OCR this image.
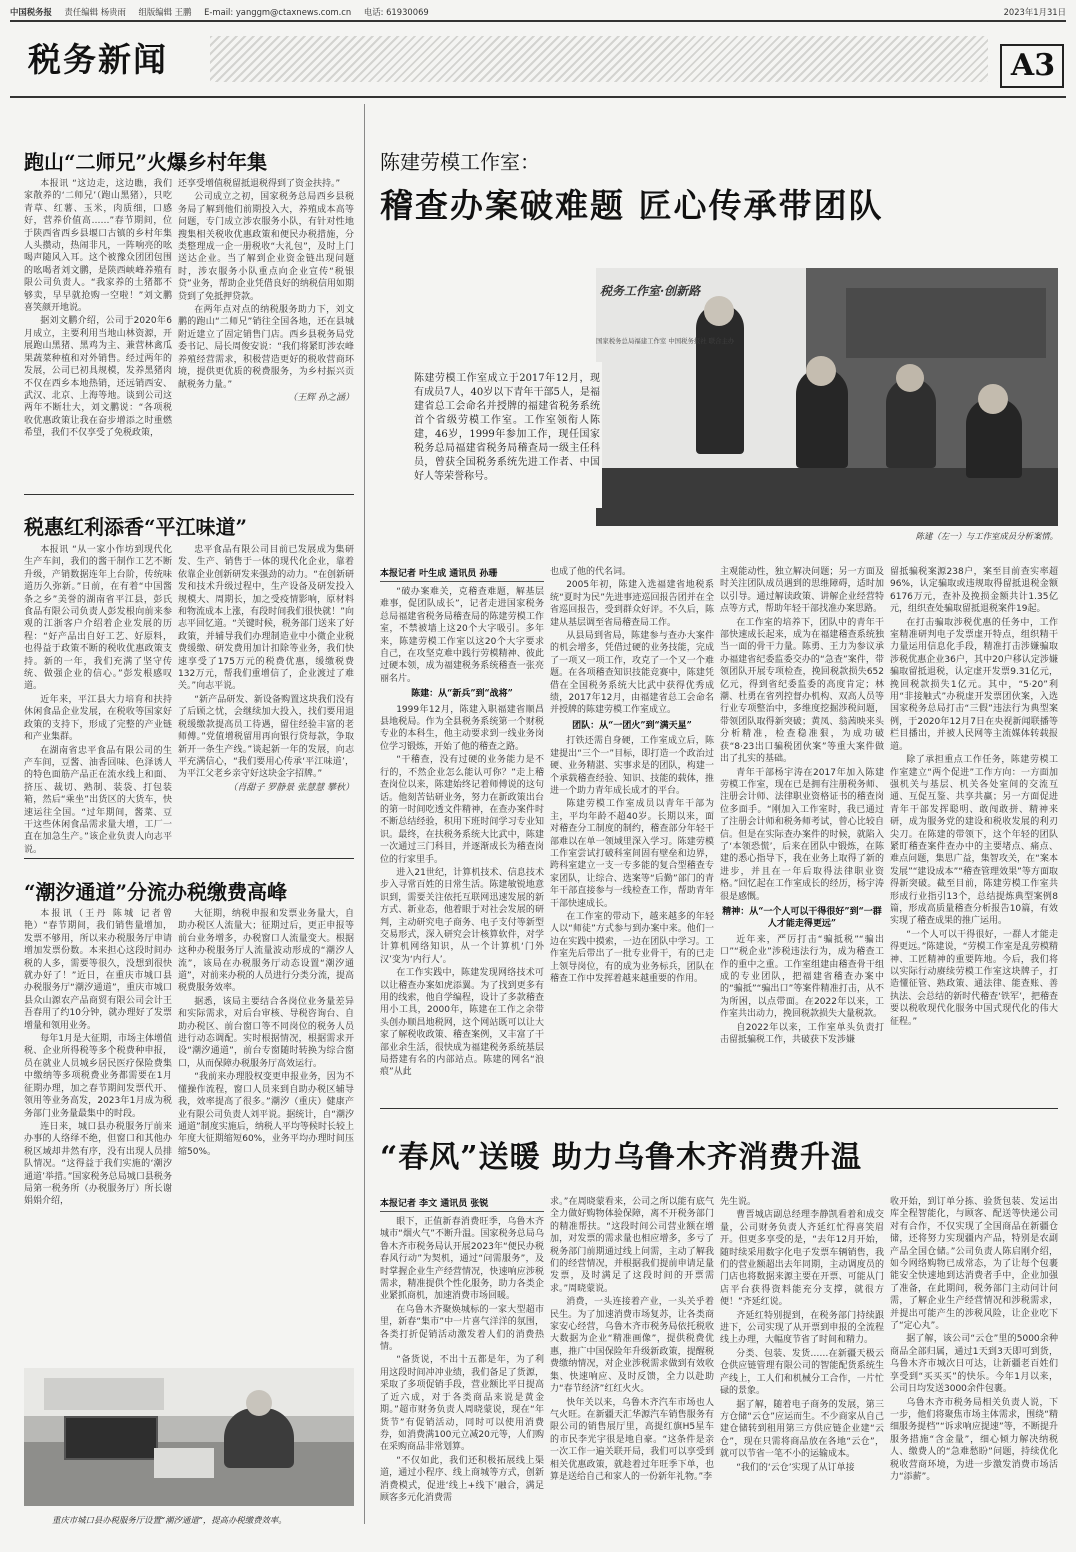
中国税务报 责任编辑 杨贵雨 组版编辑 王鹏 E-mail: yanggm@ctaxnews.com.cn 电话: 61930069	2023年1月31日
税务新闻	A3
跑山“二师兄”火爆乡村年集

本报讯 “这边走，这边瞧，我们家散养的‘二师兄’（跑山黑猪），只吃青草、红薯、玉米，肉质细，口感好，营养价值高……”春节期间，位于陕西省西乡县堰口古镇的乡村年集人头攒动，热闹非凡，一阵响亮的吆喝声随风入耳。这个被豫众团团包围的吆喝者刘文鹏，是陕西峡峰养殖有限公司负责人。“我家养的土猪都不够卖，早早就抢购一空啦！”刘文鹏喜笑颜开地说。

据刘文鹏介绍，公司于2020年6月成立，主要利用当地山林资源，开展跑山黑猪、黑鸡为主、兼营林禽瓜果蔬菜种植和对外销售。经过两年的发展，公司已初具规模，发养黑猪肉不仅在西乡本地热销，还远销西安、武汉、北京、上海等地。谈到公司这两年不断壮大，刘文鹏说：“各项税收优惠政策让我在奋步增添之时重燃希望，我们不仅享受了免税政策，

还享受增值税留抵退税得到了资金扶持。”

公司成立之初，国家税务总局西乡县税务局了解到他们前期投入大，养殖成本高等问题，专门成立涉农服务小队，有针对性地搜集相关税收优惠政策和便民办税措施，分类整理成一企一册税收“大礼包”，及时上门送达企业。当了解到企业资金链出现问题时，涉农服务小队重点向企业宣传“税银贷”业务，帮助企业凭借良好的纳税信用如期贷到了免抵押贷款。

在两年点对点的纳税服务助力下，刘文鹏的跑山“二师兄”销往全国各地，还在县城附近建立了固定销售门店。西乡县税务局党委书记、局长周俊安说：“我们将紧盯涉农峰养殖经营需求，积极营造更好的税收营商环境，提供更优质的税费服务，为乡村振兴贡献税务力量。”

（王辉 孙之涵）

税惠红利添香“平江味道”

本报讯 “从一家小作坊到现代化生产车间，我们的酱干制作工艺不断升级，产销数据连年上台阶，传统味道历久弥新。”日前，在有着“中国酱条之乡”美誉的湖南省平江县，彭氏食品有限公司负责人彭发根向前来参观的江浙客户介绍着企业发展的历程：“好产品出自好工艺、好原料，也得益于政策不断的税收优惠政策支持。新的一年，我们充满了坚守传统、做强企业的信心。”彭发根感叹道。

近年来，平江县大力培育和扶持休闲食品企业发展，在税收等国家好政策的支持下，形成了完整的产业链和产业集群。

在湖南省忠平食品有限公司的生产车间，豆酱、油香回味、色泽诱人的特色面筋产品正在流水线上和面、挤压、裁切、熟制、装袋、打包装箱，然后“乘坐”出货区的大货车，快速运往全国。“过年期间，酱菜、豆干这些休闲食品需求量大增，工厂一直在加急生产。”该企业负责人向志平说。

忠平食品有限公司目前已发展成为集研发、生产、销售于一体的现代化企业，靠着依靠企业创新研发来强劲的动力。“在创新研发和技术升级过程中，生产设备及研发投入规模大、周期长，加之受疫情影响，原材料和物流成本上涨，有段时间我们很快就！”向志平回忆道。“关键时候，税务部门送来了好政策，并辅导我们办理制造业中小微企业税费缓缴、研发费用加计扣除等业务，我们快速享受了175万元的税费优惠，缓缴税费132万元，帮我们重增信了，企业渡过了难关。”向志平说。

“新产品研发、新设备购置这块我们没有了后顾之忧，会继续加大投入，找们要用退税缓缴款提高员工待遇，留住经验丰富的老师傅。”党值增税留用再向银行贷每款，争取新开一条生产线。”谈起新一年的发展，向志平充满信心，“我们要用心传承‘平江味道’，为平江父老乡亲守好这块金字招牌。”

（肖甜子 罗静景 张慧慧 攀秋）

“潮汐通道”分流办税缴费高峰

本报讯（王丹 陈城 记者曾艳）“春节期间，我们销售量增加，发票不够用，所以来办税服务厅申请增加发票份数。本来担心这段时间办税的人多，需要等很久，没想到很快就办好了！”近日，在重庆市城口县办税服务厅“潮汐通道”，重庆市城口县众山源农产品商贸有限公司会计王吾春用了约10分钟，就办理好了发票增量和领用业务。

每年1月是大征期，市场主体增值税、企业所得税等多个税费种申报，员在就业人员城乡居民医疗保险费集中缴纳等多项税费业务都需要在1月征期办理，加之春节期间发票代开、领用等业务高发，2023年1月成为税务部门业务量最集中的时段。

连日来，城口县办税服务厅前来办事的人络绎不绝，但窗口和其他办税区域却井然有序，没有出现人员排队情况。“这得益于我们实施的‘潮汐通道’举措。”国家税务总局城口县税务局第一税务所（办税服务厅）所长谢娟娟介绍，

大征期，纳税申报和发票业务量大，自助办税区人流量大；征期过后，更正申报等前台业务增多，办税窗口人流量变大。根据这种办税服务厅人流量波动形成的“潮汐人流”，该局在办税服务厅动态设置“潮汐通道”，对前来办税的人员进行分类分流，提高税费服务效率。

据悉，该局主要结合各岗位业务量差异和实际需求，对后台审核、导税咨询台、自助办税区、前台窗口等不同岗位的税务人员进行动态调配。实时根据情况，根据需求开设“潮汐通道”，前台专窗随时转换为综合窗口，从而保障办税服务厅高效运行。

“我前来办理股权变更申报业务，因为不懂操作流程，窗口人员来到自助办税区辅导我，效率提高了很多。”潮汐（重庆）健康产业有限公司负责人刘平说。据统计，自“潮汐通道”制度实施后，纳税人平均等候时长较上年度大征期缩短60%，业务平均办理时间压缩50%。

重庆市城口县办税服务厅设置“潮汐通道”，提高办税缴费效率。
陈建劳模工作室：
稽查办案破难题 匠心传承带团队
税务工作室·创新路
国家税务总局福建工作室 中国税务报社 联合主办
陈建劳模工作室成立于2017年12月，现有成员7人，40岁以下青年干部5人，是福建省总工会命名并授牌的福建省税务系统首个省级劳模工作室。工作室领衔人陈建，46岁，1999年参加工作，现任国家税务总局福建省税务局稽查局一级主任科员，曾获全国税务系统先进工作者、中国好人等荣誉称号。
陈建（左一）与工作室成员分析案情。
本报记者 叶生成 通讯员 孙珊

“破办案难关，克稽查难题，解基层难事，促团队成长”，记者走进国家税务总局福建省税务局稽查局的陈建劳模工作室，不禁被墙上这20个大字吸引。多年来，陈建劳模工作室以这20个大字要求自己，在攻坚克难中践行劳模精神、彼此过硬本领，成为福建税务系统稽查一张亮丽名片。

陈建：从“新兵”到“战将”

1999年12月，陈建入职福建省顺昌县地税局。作为全县税务系统第一个财税专业的本科生，他主动要求到一线业务岗位学习锻炼，开始了他的稽查之路。

“干稽查，没有过硬的业务能力是不行的，不然企业怎么能认可你？”走上稽查岗位以来，陈建始终记着师傅说的这句话。他刻苦钻研业务，努力在新政策出台的第一时间吃透文件精神，在查办案件时不断总结经验，积用下班时间学习专业知识。最终，在扶税务系统大比武中，陈建一次通过三门科目，并逐渐成长为稽查岗位的行家里手。

进入21世纪，计算机技术、信息技术步入寻常百姓的日常生活。陈建敏锐地意识到，需要关注依托互联网迅速发展的新方式、新业态，他着眼于对社会发展的研判，主动研究电子商务、电子支付等新型交易形式，深入研究会计核算软件，对学计算机网络知识，从一个计算机‘门外汉’变为‘内行人’。

在工作实践中，陈建发现网络技术可以让稽查办案如虎添翼。为了找到更多有用的线索，他自学编程，设计了多款稽查用小工具，2000年，陈建在工作之余带头创办顺昌地税网，这个网站既可以让大家了解税收政策、稽查案例，又丰富了干部业余生活，很快成为福建税务系统基层局搭建有名的内部站点。陈建的网名“浪痕”从此

也成了他的代名词。

2005年初，陈建入选福建省地税系统“夏时为民”先进事迹巡回报告团并在全省巡回报告，受到群众好评。不久后，陈建从基层调至省局稽查局工作。

从县局到省局，陈建参与查办大案件的机会增多，凭借过硬的业务技能，完成了一项又一项工作，攻克了一个又一个难题。在各项稽查知识技能竞赛中，陈建凭借在全国税务系统大比武中获得优秀成绩，2017年12月，由福建省总工会命名并授牌的陈建劳模工作室成立。

团队：从“一团火”到“满天星”

打铁还需自身硬，工作室成立后，陈建提出“三个一”目标，即打造一个政治过硬、业务精湛、实事求是的团队，构建一个承载稽查经验、知识、技能的载体，推进一个助力青年成长成才的平台。

陈建劳模工作室成员以青年干部为主，平均年龄不超40岁。长期以来，面对稽查分工制度的制约，稽查部分年轻干部难以在单一领域里深入学习。陈建劳模工作室尝试打破科室间固有壁垒和边界，跨科室建立一支一专多能的复合型稽查专家团队，让综合、选案等“后勤”部门的青年干部直接参与一线检查工作，帮助青年干部快速成长。

在工作室的带动下，越来越多的年轻人以“师徒”方式参与到办案中来。他们一边在实践中摸索，一边在团队中学习。工作室先后带出了一批专业骨干，有的已走上领导岗位，有的成为业务标兵，团队在稽查工作中发挥着越来越重要的作用。

主观能动性，独立解决问题；另一方面及时关注团队成员遇到的思维障碍，适时加以引导。通过解读政策、讲解企业经营特点等方式，帮助年轻干部找准办案思路。

在工作室的培养下，团队中的青年干部快速成长起来，成为在福建稽查系统独当一面的骨干力量。陈勇、王力为参议承办福建省纪委监委交办的“急查”案件，带领团队开展专项检查，挽回税款损失652亿元，得到省纪委监委的高度肯定；林潮、杜勇在省列控督办机构、双高人员等行业专项整治中，多维度挖掘涉税问题，带领团队取得新突破；黄凤、翁茜映来头分析精准，检查稳准狠，为成功破获“8·23出口骗税团伙案”等重大案件做出了扎实的基础。

青年干部杨宇涛在2017年加入陈建劳模工作室，现在已是拥有注册税务师、注册会计师、法律职业资格证书的稽查岗位多面手。“刚加入工作室时，我已通过了注册会计师和税务师考试，曾心比较自信。但是在实际查办案件的时候，就陷入了‘本领恐慌’，后来在团队中锻炼，在陈建的悉心指导下，我在业务上取得了新的进步，并且在一年后取得法律职业资格。”回忆起在工作室成长的经历，杨宇涛很是感慨。

精神：从“一个人可以干得很好”到“一群人才能走得更远”

近年来，严厉打击“骗抵税”“骗出口”“税企业”涉税违法行为，成为稽查工作的重中之重。工作室组建由稽查骨干组成的专业团队，把福建省稽查办案中的“骗抵”“骗出口”等案件精准打击，从不为所困，以点带面。在2022年以来，工作室共出动力，挽回税款损失大量税款。

自2022年以来，工作室单头负责打击留抵骗税工作，共破获下发涉嫌

留抵骗税案源238户，案至目前查实率超96%，认定骗取或违规取得留抵退税金额6176万元，查补及挽损金额共计1.35亿元，组织查处骗取留抵退税案件19起。

在打击骗取涉税优惠的任务中，工作室精准研判电子发票虚开特点，组织精干力量运用信息化手段，精准打击涉嫌骗取涉税优惠企业36户，其中20户移认定涉嫌骗取留抵退税，认定虚开发票9.31亿元，挽回税款损失1亿元。其中，“5·20”利用“非接触式”办税虚开发票团伙案，入选国家税务总局打击“三假”违法行为典型案例，于2020年12月7日在央视新闻联播等栏目播出，并被人民网等主流媒体转载报道。

除了承担重点工作任务，陈建劳模工作室建立“两个促进”工作方向：一方面加强机关与基层、机关各处室间的交流互通、互促互鉴、共享共赢；另一方面促进青年干部发挥聪明、敢闯敢拼、精神来研，成为服务党的建设和税收发展的利刃尖刀。在陈建的带领下，这个年轻的团队紧盯稽查案件查办中的主要堵点、痛点、难点问题，集思广益，集智攻关，在“案本发展”“建设成本”“稽查管理效果”等方面取得新突破。截至目前，陈建劳模工作室共形成行业指引13个，总结提炼典型案例8篇，形成高质量稽查分析报告10篇，有效实现了稽查成果的推广运用。

“一个人可以干得很好，一群人才能走得更远。”陈建说，“劳模工作室是乱劳模精神、工匠精神的重要阵地。今后，我们将以实际行动赓续劳模工作室这块牌子，打造懂征管、熟政策、通法律、能查账、善执法、会总结的新时代稽查‘铁军’，把稽查要以税收现代化服务中国式现代化的伟大征程。”

“春风”送暖 助力乌鲁木齐消费升温
本报记者 李文 通讯员 张锐

眼下，正值新春消费旺季，乌鲁木齐城市“烟火气”不断升温。国家税务总局乌鲁木齐市税务局认开展2023年“便民办税春风行动”为契机，通过“问需服务”，及时掌握企业生产经营情况，快速响应涉税需求，精准提供个性化服务，助力各类企业紧抓商机，加速消费市场回暖。

在乌鲁木齐聚焕城标的一家大型超市里，新春“集市”中一片喜气洋洋的氛围，各类打折促销活动激发着人们的消费热情。

“备货说，不出十五都是年，为了利用这段时间冲冲业绩，我们备足了货源，采取了多项促销手段，营业额比平日提高了近六成，对于各类商品来说是黄金期。”超市财务负责人周晓蒙说，现在“年货节”有促销活动，同时可以使用消费券，如消费满100元立减20元等，人们购在采购商品非常划算。

“不仅如此，我们还积极拓展线上渠道，通过小程序、线上商城等方式，创新消费模式，促进‘线上+线下’融合，满足顾客多元化消费需

求。”在周晓蒙看来，公司之所以能有底气全力做好购物体验保障，离不开税务部门的精准帮扶。“这段时间公司营业额在增加，对发票的需求量也相应增多，多亏了税务部门前期通过线上问需，主动了解我们的经营情况，并根据我们提前申请足量发票，及时满足了这段时间的开票需求。”周晓蒙说。

消费，一头连接着产业，一头关乎着民生。为了加速消费市场复苏，让各类商家安心经营，乌鲁木齐市税务局依托税收大数据为企业“精准画像”，提供税费优惠，推广中国保险年升级新政策，提醒税费缴纳情况，对企业涉税需求做到有效收集、快速响应、及时反馈，全力以赴助力“春节经济”红红火火。

快年关以来，乌鲁木齐汽车市场也人气火旺。在新疆天汇华源汽车销售服务有限公司的销售展厅里，高提红旗H5星车的市民李光宇很是地自豪。“这条件是亲一次工作一遍关联开局，我们可以享受到相关优惠政策，就趁着过年旺季下单，也算是送给自己和家人的一份新年礼物。”李

先生说。

曹晋城店副总经理李静凯看着和成交量，公司财务负责人齐延红忙得喜笑眉开。但更多享受的是，“去年12月开始，随时续采用数字化电子发票车辆销售，我们的营业额超出去年同期，主动调度员的门店也将数据来源主要在开票、可能从门店平台获得资料能充分支撑，就很方便！”齐延红说。

齐延红特别提到，在税务部门持续跟进下，公司实现了从开票到申报的全流程线上办理，大幅度节省了时间和精力。

分类、包装、发货……在新疆天极云仓供应链管理有限公司的智能配货系统生产线上，工人们和机械分工合作，一片忙碌的景象。

据了解，随着电子商务的发展，第三方仓储“云仓”应运而生。不少商家从自己建仓储转到租用第三方供应链企业建“云仓”，现在只需将商品放在各地“云仓”，就可以节省一笔不小的运输成本。

“我们的‘云仓’实现了从订单接

收开始，到订单分拣、验货包装、发运出库全程智能化，与顾客、配送等快递公司对有合作，不仅实现了全国商品在新疆仓储，还将努力实现疆内产品，特别是农副产品全国仓储。”公司负责人陈启刚介绍，如今网络购物已成常态，为了让每个包裹能安全快速地到达消费者手中，企业加强了准备，在此期间，税务部门主动问计问需，了解企业生产经营情况和涉税需求，并提出可能产生的涉税风险，让企业吃下了“定心丸”。

据了解，该公司“云仓”里的5000余种商品全部归属，通过1天到3天即可到货，乌鲁木齐市城次日可达，让新疆老百姓们享受到“买买买”的快乐。今年1月以来，公司日均发送3000余件包裹。

乌鲁木齐市税务局相关负责人说，下一步，他们将聚焦市场主体需求，围绕“精细服务提档”“诉求响应提速”等，不断提升服务措施“含金量”，细心倾力解决纳税人、缴费人的“急难愁盼”问题，持续优化税收营商环境，为进一步激发消费市场活力“添薪”。
